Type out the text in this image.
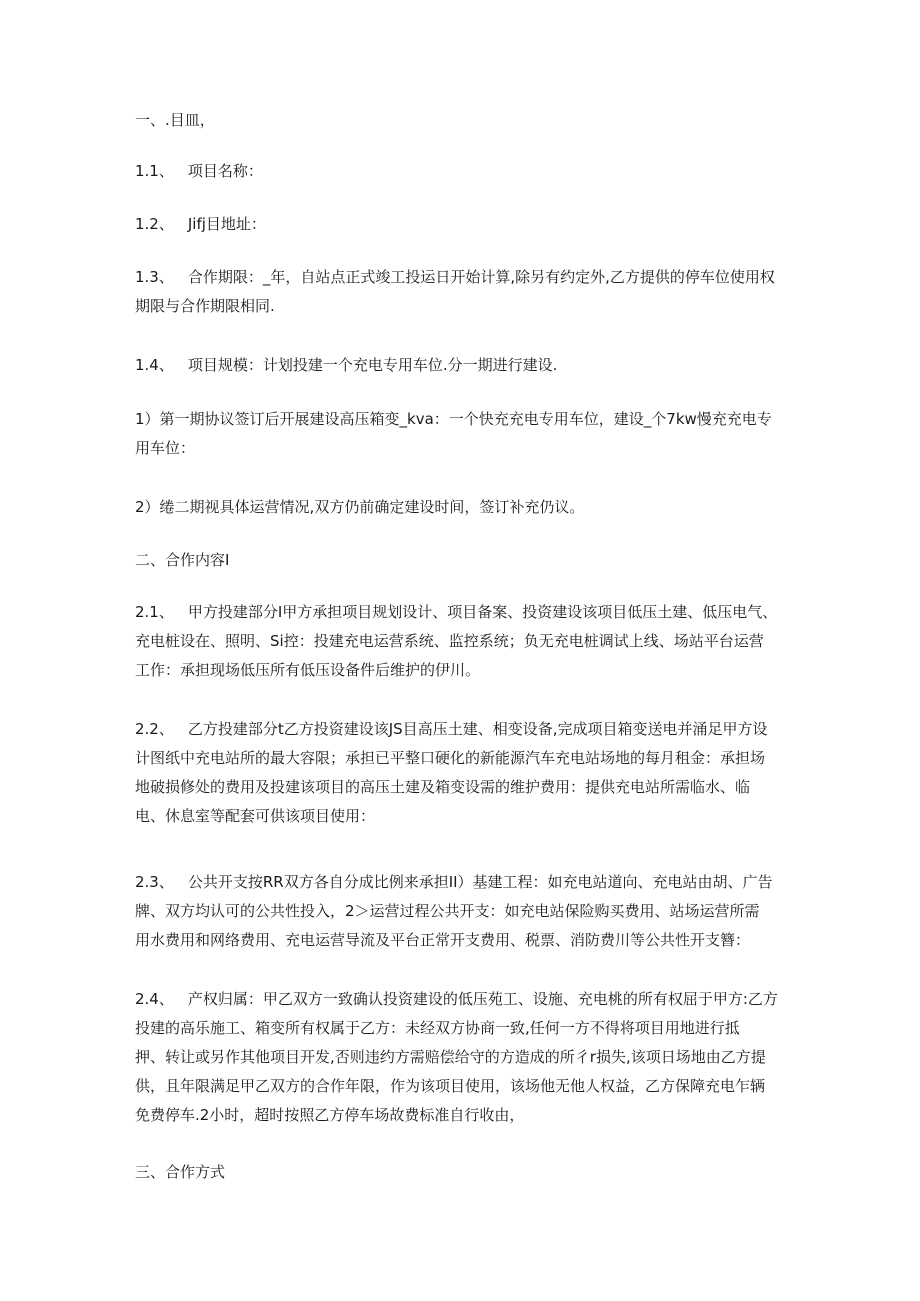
一、.目皿，

1.1、 项目名称：

1.2、 Jifj目地址：

1.3、 合作期限：_年，自站点正式竣工投运日开始计算,除另有约定外,乙方提供的停车位使用权
期限与合作期限相同.

1.4、 项目规模：计划投建一个充电专用车位.分一期进行建设.

1）第一期协议签订后开展建设高压箱变_kva：一个快充充电专用车位，建设_个7kw慢充充电专
用车位：

2）绻二期视具体运营情况,双方仍前确定建设时间，签订补充仍议。

二、合作内容I

2.1、 甲方投建部分I甲方承担项目规划设计、项目备案、投资建设该项目低压土建、低压电气、
充电桩设在、照明、Si控：投建充电运营系统、监控系统；负无充电桩调试上线、场站平台运营
工作：承担现场低压所有低压设备件后维护的伊川。

2.2、 乙方投建部分t乙方投资建设该JS目高压土建、相变设备,完成项目箱变送电并涌足甲方设
计图纸中充电站所的最大容限；承担已平整口硬化的新能源汽车充电站场地的每月租金：承担场
地破损修处的费用及投建该项目的高压土建及箱变设需的维护费用：提供充电站所需临水、临
电、休息室等配套可供该项目使用：

2.3、 公共开支按RR双方各自分成比例来承担II）基建工程：如充电站道向、充电站由胡、广告
牌、双方均认可的公共性投入，2＞运营过程公共开支：如充电站保险购买费用、站场运营所需
用水费用和网络费用、充电运营导流及平台正常开支费用、税票、消防费川等公共性开支簪：

2.4、 产权归属：甲乙双方一致确认投资建设的低压苑工、设施、充电桃的所有权屈于甲方:乙方
投建的高乐施工、箱变所有权属于乙方：未经双方协商一致,任何一方不得将项目用地进行抵
押、转让或另作其他项目开发,否则违约方需赔偿给守的方造成的所彳r损失,该项日场地由乙方提
供，且年限满足甲乙双方的合作年限，作为该项目使用，该场他无他人权益，乙方保障充电乍辆
免费停车.2小时，超时按照乙方停车场故费标准自行收由，

三、合作方式
